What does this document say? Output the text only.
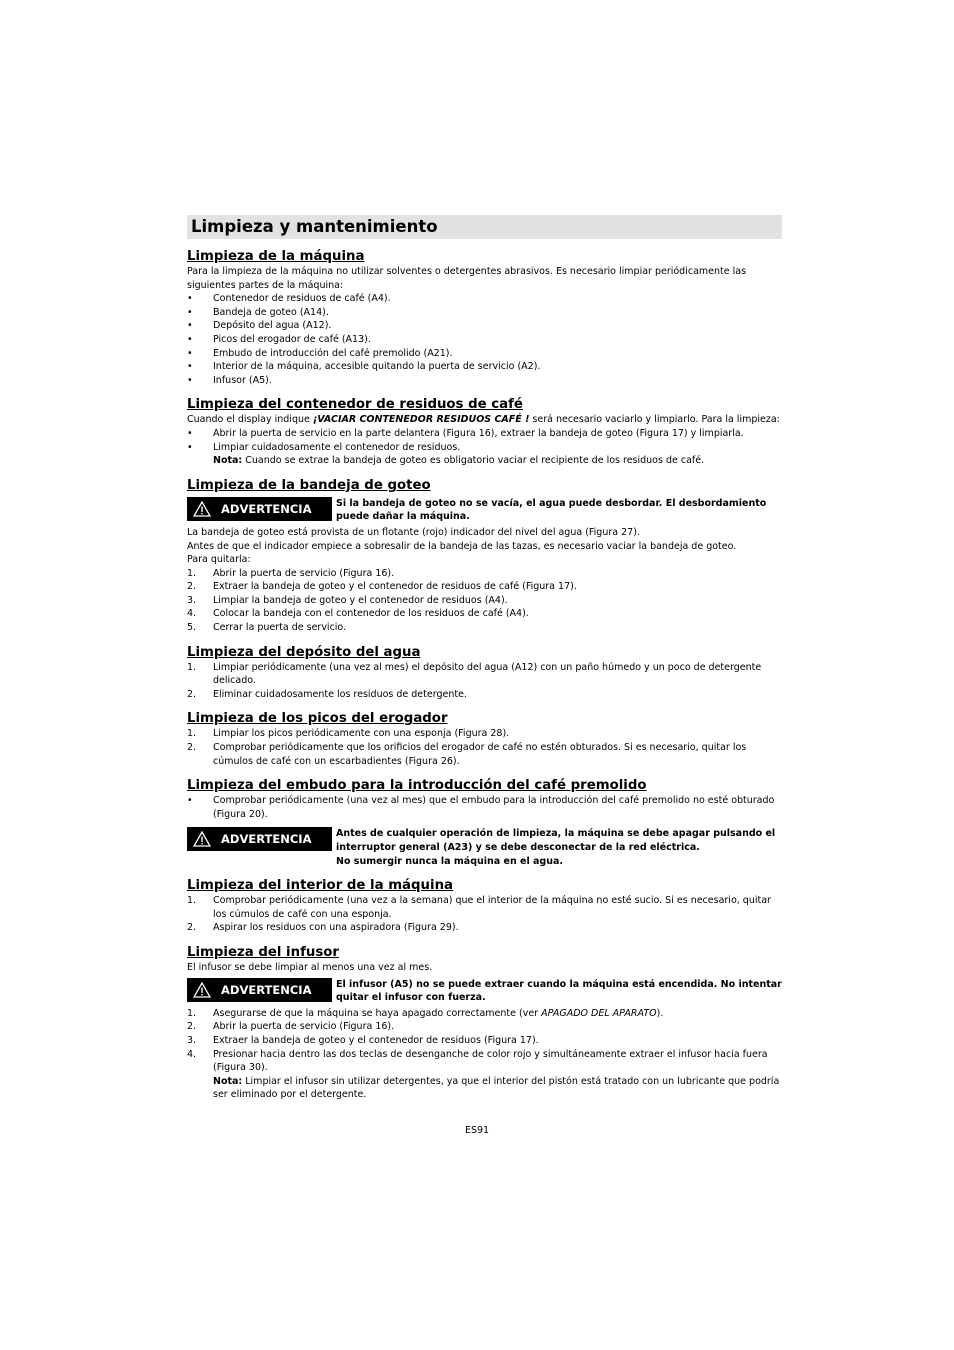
Limpieza y mantenimiento
Limpieza de la máquina

Para la limpieza de la máquina no utilizar solventes o detergentes abrasivos. Es necesario limpiar periódicamente las siguientes partes de la máquina:

• Contenedor de residuos de café (A4).
• Bandeja de goteo (A14).
• Depósito del agua (A12).
• Picos del erogador de café (A13).
• Embudo de introducción del café premolido (A21).
• Interior de la máquina, accesible quitando la puerta de servicio (A2).
• Infusor (A5).
Limpieza del contenedor de residuos de café

Cuando el display indique ¡VACIAR CONTENEDOR RESIDUOS CAFÉ ! será necesario vaciarlo y limpiarlo. Para la limpieza:

• Abrir la puerta de servicio en la parte delantera (Figura 16), extraer la bandeja de goteo (Figura 17) y limpiarla.
• Limpiar cuidadosamente el contenedor de residuos.
Nota: Cuando se extrae la bandeja de goteo es obligatorio vaciar el recipiente de los residuos de café.
Limpieza de la bandeja de goteo
ADVERTENCIA	Si la bandeja de goteo no se vacía, el agua puede desbordar. El desbordamiento puede dañar la máquina.

La bandeja de goteo está provista de un flotante (rojo) indicador del nivel del agua (Figura 27).

Antes de que el indicador empiece a sobresalir de la bandeja de las tazas, es necesario vaciar la bandeja de goteo.

Para quitarla:

1. Abrir la puerta de servicio (Figura 16).
2. Extraer la bandeja de goteo y el contenedor de residuos de café (Figura 17).
3. Limpiar la bandeja de goteo y el contenedor de residuos (A4).
4. Colocar la bandeja con el contenedor de los residuos de café (A4).
5. Cerrar la puerta de servicio.
Limpieza del depósito del agua
1. Limpiar periódicamente (una vez al mes) el depósito del agua (A12) con un paño húmedo y un poco de detergente delicado.
2. Eliminar cuidadosamente los residuos de detergente.
Limpieza de los picos del erogador
1. Limpiar los picos periódicamente con una esponja (Figura 28).
2. Comprobar periódicamente que los orificios del erogador de café no estén obturados. Si es necesario, quitar los cúmulos de café con un escarbadientes (Figura 26).
Limpieza del embudo para la introducción del café premolido
• Comprobar periódicamente (una vez al mes) que el embudo para la introducción del café premolido no esté obturado (Figura 20).
ADVERTENCIA	Antes de cualquier operación de limpieza, la máquina se debe apagar pulsando el interruptor general (A23) y se debe desconectar de la red eléctrica.
No sumergir nunca la máquina en el agua.
Limpieza del interior de la máquina
1. Comprobar periódicamente (una vez a la semana) que el interior de la máquina no esté sucio. Si es necesario, quitar los cúmulos de café con una esponja.
2. Aspirar los residuos con una aspiradora (Figura 29).
Limpieza del infusor

El infusor se debe limpiar al menos una vez al mes.

ADVERTENCIA	El infusor (A5) no se puede extraer cuando la máquina está encendida. No intentar quitar el infusor con fuerza.
1. Asegurarse de que la máquina se haya apagado correctamente (ver APAGADO DEL APARATO).
2. Abrir la puerta de servicio (Figura 16).
3. Extraer la bandeja de goteo y el contenedor de residuos (Figura 17).
4. Presionar hacia dentro las dos teclas de desenganche de color rojo y simultáneamente extraer el infusor hacia fuera (Figura 30).
Nota: Limpiar el infusor sin utilizar detergentes, ya que el interior del pistón está tratado con un lubricante que podría ser eliminado por el detergente.
ES91
